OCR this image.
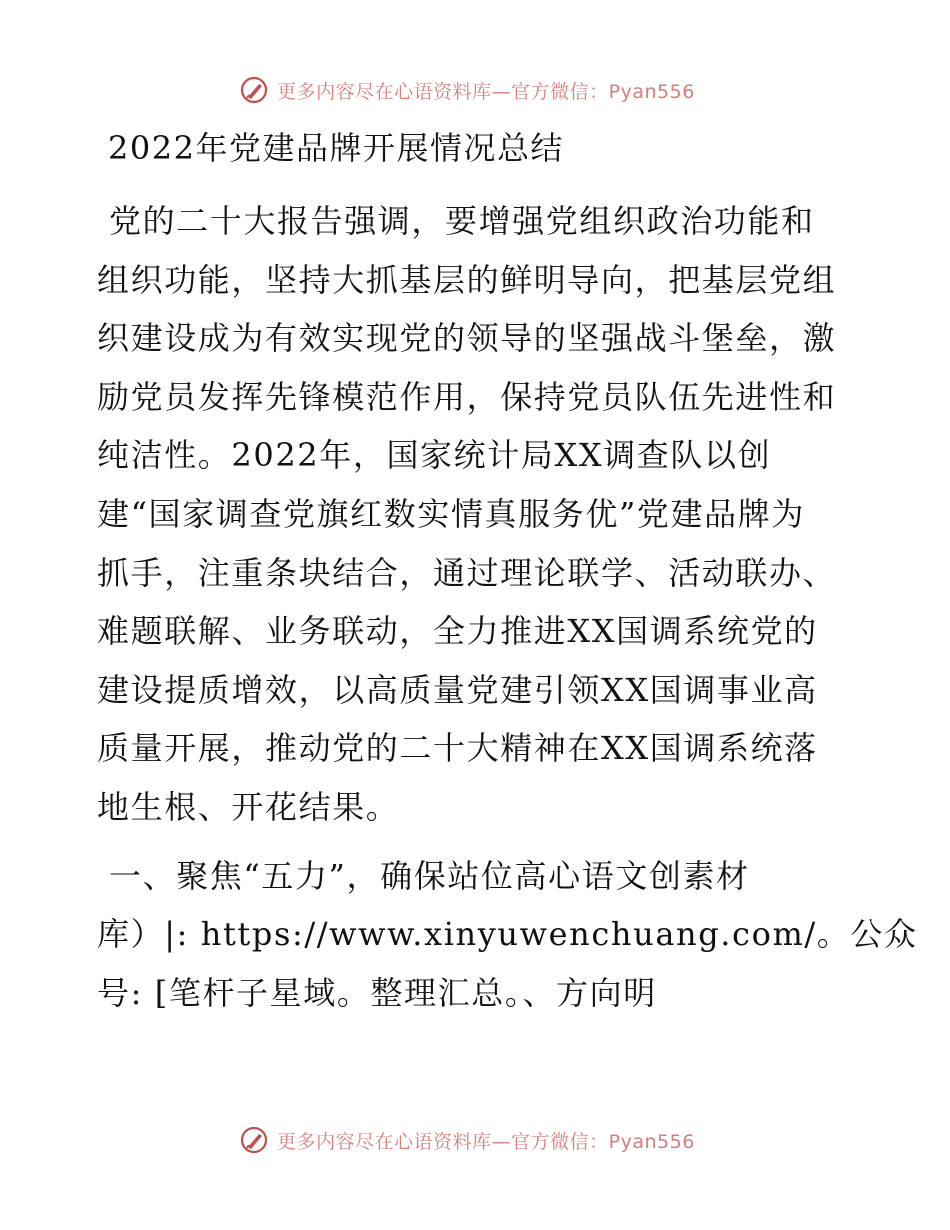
更多内容尽在心语资料库—官方微信：Pyan556
2022年党建品牌开展情况总结

党的二十大报告强调，要增强党组织政治功能和
组织功能，坚持大抓基层的鲜明导向，把基层党组
织建设成为有效实现党的领导的坚强战斗堡垒，激
励党员发挥先锋模范作用，保持党员队伍先进性和
纯洁性。2022年，国家统计局XX调查队以创
建“国家调查党旗红数实情真服务优”党建品牌为
抓手，注重条块结合，通过理论联学、活动联办、
难题联解、业务联动，全力推进XX国调系统党的
建设提质增效，以高质量党建引领XX国调事业高
质量开展，推动党的二十大精神在XX国调系统落
地生根、开花结果。

一、聚焦“五力”，确保站位高心语文创素材
库）|: https://www.xinyuwenchuang.com/。公众
号: [笔杆子星域。整理汇总。、方向明

更多内容尽在心语资料库—官方微信：Pyan556
